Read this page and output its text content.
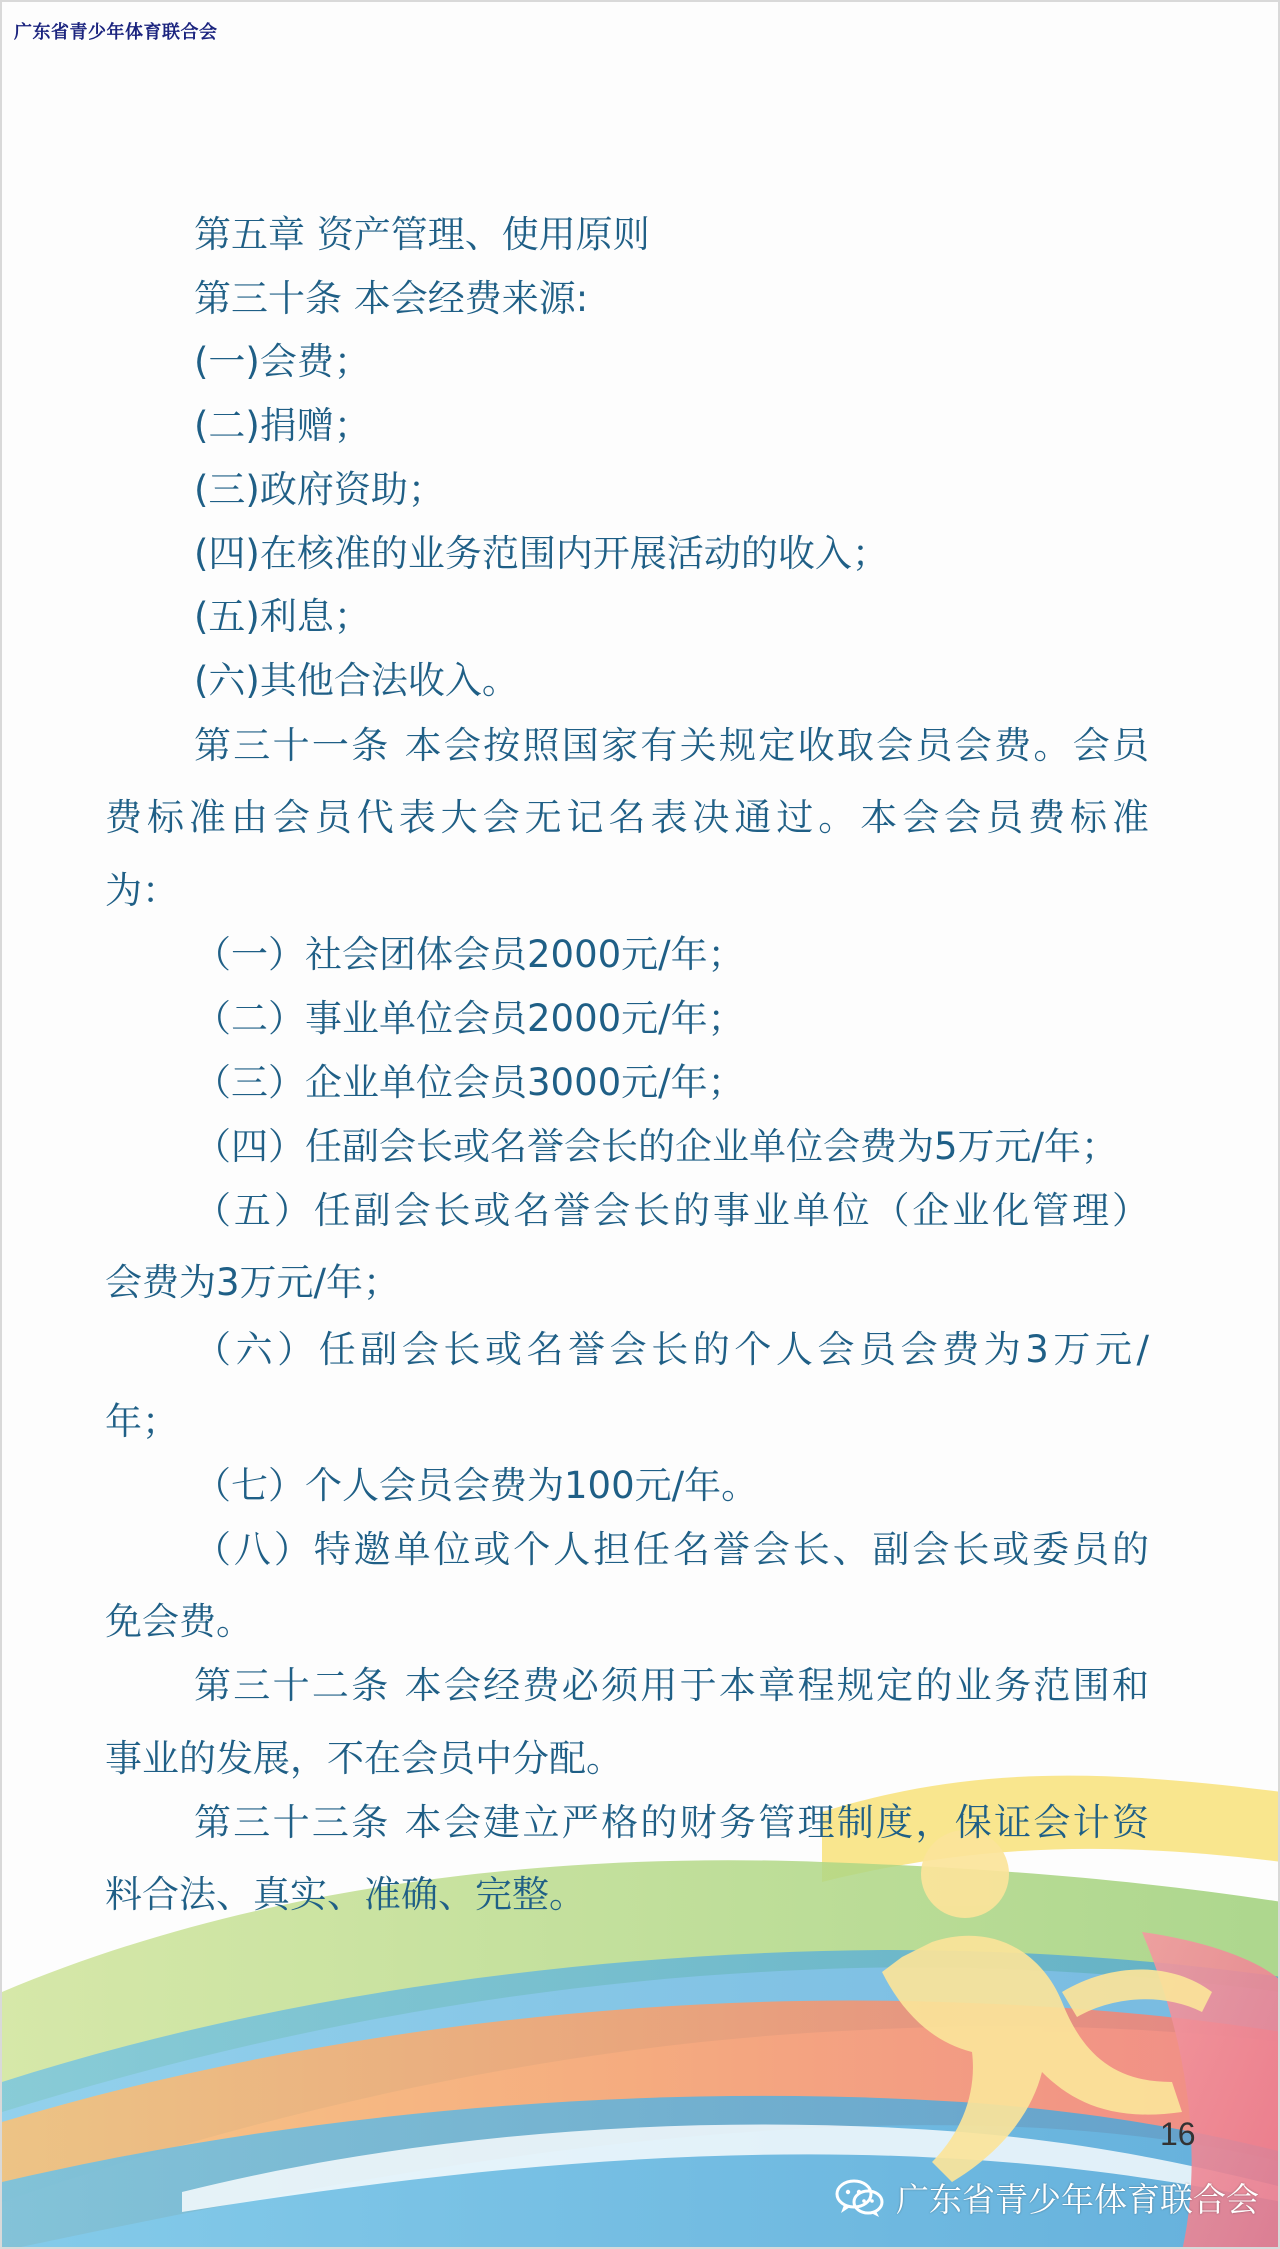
广东省青少年体育联合会
第五章 资产管理、使用原则
第三十条 本会经费来源:
(一)会费；
(二)捐赠；
(三)政府资助；
(四)在核准的业务范围内开展活动的收入；
(五)利息；
(六)其他合法收入。
第三十一条 本会按照国家有关规定收取会员会费。会员
费标准由会员代表大会无记名表决通过。本会会员费标准
为：
（一）社会团体会员2000元/年；
（二）事业单位会员2000元/年；
（三）企业单位会员3000元/年；
（四）任副会长或名誉会长的企业单位会费为5万元/年；
（五）任副会长或名誉会长的事业单位（企业化管理）
会费为3万元/年；
（六）任副会长或名誉会长的个人会员会费为3万元/
年；
（七）个人会员会费为100元/年。
（八）特邀单位或个人担任名誉会长、副会长或委员的
免会费。
第三十二条 本会经费必须用于本章程规定的业务范围和
事业的发展，不在会员中分配。
第三十三条 本会建立严格的财务管理制度，保证会计资
料合法、真实、准确、完整。
16
广东省青少年体育联合会
